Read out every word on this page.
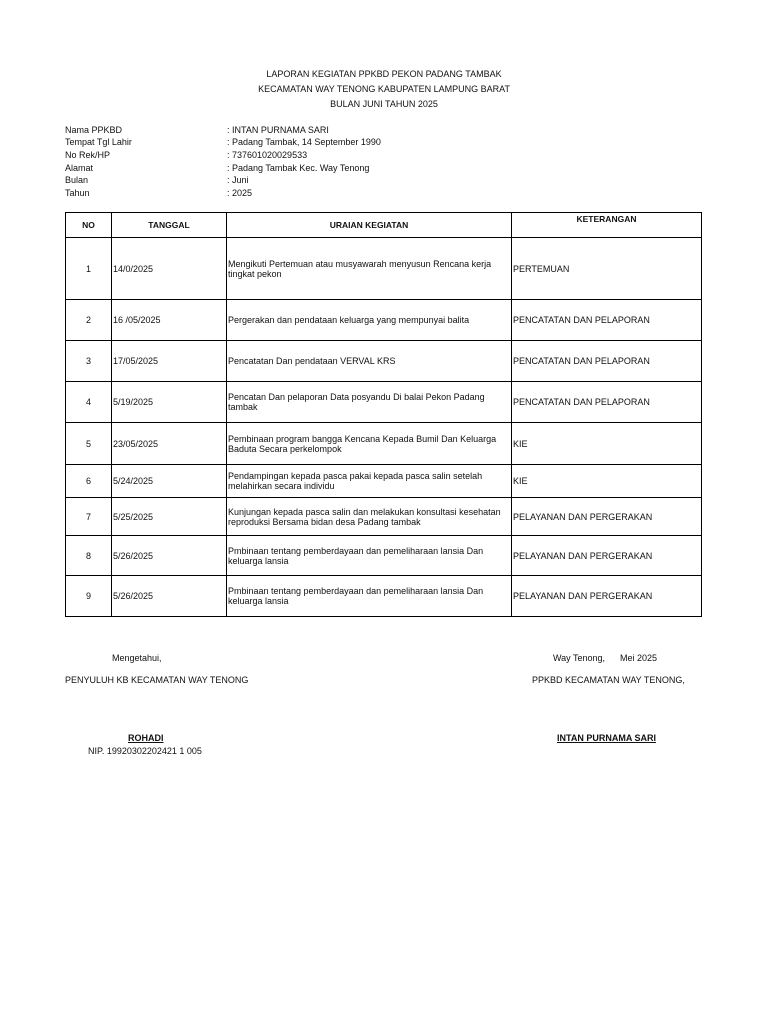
LAPORAN KEGIATAN PPKBD PEKON PADANG TAMBAK
KECAMATAN WAY TENONG KABUPATEN LAMPUNG BARAT
BULAN JUNI TAHUN 2025
Nama PPKBD	: INTAN PURNAMA SARI
Tempat Tgl Lahir	: Padang Tambak, 14 September 1990
No Rek/HP	: 737601020029533
Alamat	: Padang Tambak Kec. Way Tenong
Bulan	: Juni
Tahun	: 2025
NO	TANGGAL	URAIAN KEGIATAN	KETERANGAN
1	14/0/2025	Mengikuti Pertemuan atau musyawarah menyusun Rencana kerja tingkat pekon	PERTEMUAN
2	16 /05/2025	Pergerakan dan pendataan keluarga yang mempunyai balita	PENCATATAN DAN PELAPORAN
3	17/05/2025	Pencatatan Dan pendataan VERVAL KRS	PENCATATAN DAN PELAPORAN
4	5/19/2025	Pencatan Dan pelaporan Data posyandu Di balai Pekon Padang tambak	PENCATATAN DAN PELAPORAN
5	23/05/2025	Pembinaan program bangga Kencana Kepada Bumil Dan Keluarga Baduta Secara perkelompok	KIE
6	5/24/2025	Pendampingan kepada pasca pakai kepada pasca salin setelah melahirkan secara individu	KIE
7	5/25/2025	Kunjungan kepada pasca salin dan melakukan konsultasi kesehatan reproduksi Bersama bidan desa Padang tambak	PELAYANAN DAN PERGERAKAN
8	5/26/2025	Pmbinaan tentang pemberdayaan dan pemeliharaan lansia Dan keluarga lansia	PELAYANAN DAN PERGERAKAN
9	5/26/2025	Pmbinaan tentang pemberdayaan dan pemeliharaan lansia Dan keluarga lansia	PELAYANAN DAN PERGERAKAN
Mengetahui,	Way Tenong, Mei 2025
PENYULUH KB KECAMATAN WAY TENONG	PPKBD KECAMATAN WAY TENONG,
ROHADI
NIP. 19920302202421 1 005
INTAN PURNAMA SARI
